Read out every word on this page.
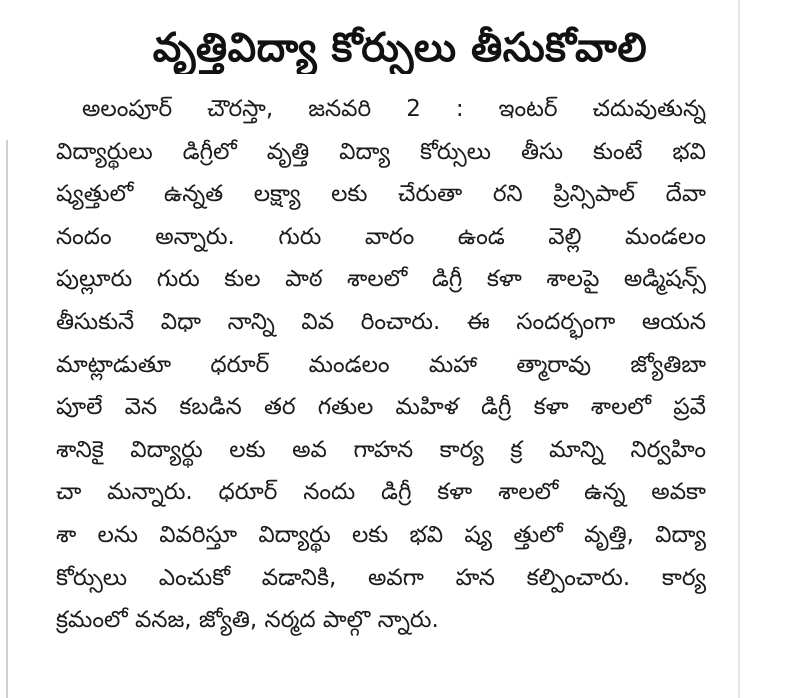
వృత్తివిద్యా కోర్సులు తీసుకోవాలి
అలంపూర్ చౌరస్తా, జనవరి 2 : ఇంటర్ చదువుతున్న
విద్యార్థులు డిగ్రీలో వృత్తి విద్యా కోర్సులు తీసు కుంటే భవి
ష్యత్తులో ఉన్నత లక్ష్యా లకు చేరుతా రని ప్రిన్సిపాల్ దేవా
నందం అన్నారు. గురు వారం ఉండ వెల్లి మండలం
పుల్లూరు గురు కుల పాఠ శాలలో డిగ్రీ కళా శాలపై అడ్మిషన్స్
తీసుకునే విధా నాన్ని వివ రించారు. ఈ సందర్భంగా ఆయన
మాట్లాడుతూ ధరూర్ మండలం మహా త్మారావు జ్యోతిబా
పూలే వెన కబడిన తర గతుల మహిళ డిగ్రీ కళా శాలలో ప్రవే
శానికై విద్యార్థు లకు అవ గాహన కార్య క్ర మాన్ని నిర్వహిం
చా మన్నారు. ధరూర్ నందు డిగ్రీ కళా శాలలో ఉన్న అవకా
శా లను వివరిస్తూ విద్యార్థు లకు భవి ష్య త్తులో వృత్తి, విద్యా
కోర్సులు ఎంచుకో వడానికి, అవగా హన కల్పించారు. కార్య
క్రమంలో వనజ, జ్యోతి, నర్మద పాల్గొ న్నారు.
